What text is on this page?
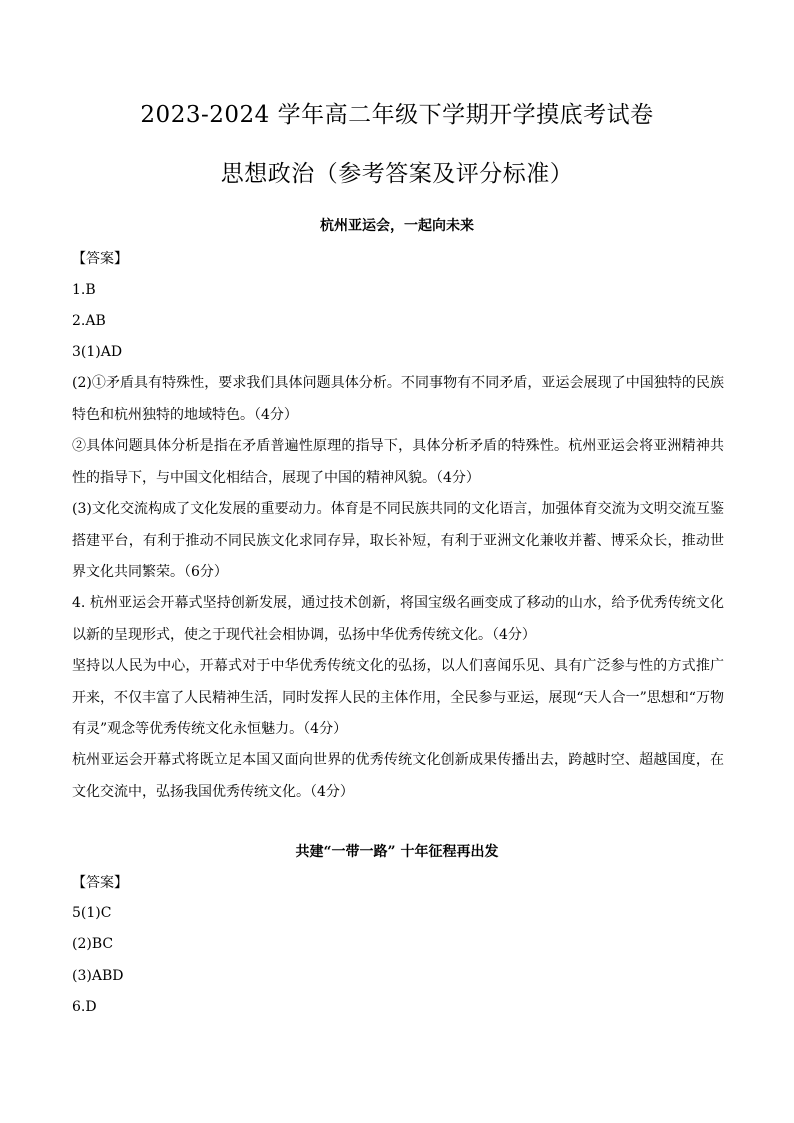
2023-2024 学年高二年级下学期开学摸底考试卷
思想政治（参考答案及评分标准）
杭州亚运会，一起向未来
【答案】
1.B
2.AB
3(1)AD
(2)①矛盾具有特殊性，要求我们具体问题具体分析。不同事物有不同矛盾，亚运会展现了中国独特的民族特色和杭州独特的地域特色。（4分）
②具体问题具体分析是指在矛盾普遍性原理的指导下，具体分析矛盾的特殊性。杭州亚运会将亚洲精神共性的指导下，与中国文化相结合，展现了中国的精神风貌。（4分）
(3)文化交流构成了文化发展的重要动力。体育是不同民族共同的文化语言，加强体育交流为文明交流互鉴搭建平台，有利于推动不同民族文化求同存异，取长补短，有利于亚洲文化兼收并蓄、博采众长，推动世界文化共同繁荣。（6分）
4. 杭州亚运会开幕式坚持创新发展，通过技术创新，将国宝级名画变成了移动的山水，给予优秀传统文化以新的呈现形式，使之于现代社会相协调，弘扬中华优秀传统文化。（4分）
坚持以人民为中心，开幕式对于中华优秀传统文化的弘扬，以人们喜闻乐见、具有广泛参与性的方式推广开来，不仅丰富了人民精神生活，同时发挥人民的主体作用，全民参与亚运，展现“天人合一”思想和“万物有灵”观念等优秀传统文化永恒魅力。（4分）
杭州亚运会开幕式将既立足本国又面向世界的优秀传统文化创新成果传播出去，跨越时空、超越国度，在文化交流中，弘扬我国优秀传统文化。（4分）
共建“一带一路” 十年征程再出发
【答案】
5(1)C
(2)BC
(3)ABD
6.D
